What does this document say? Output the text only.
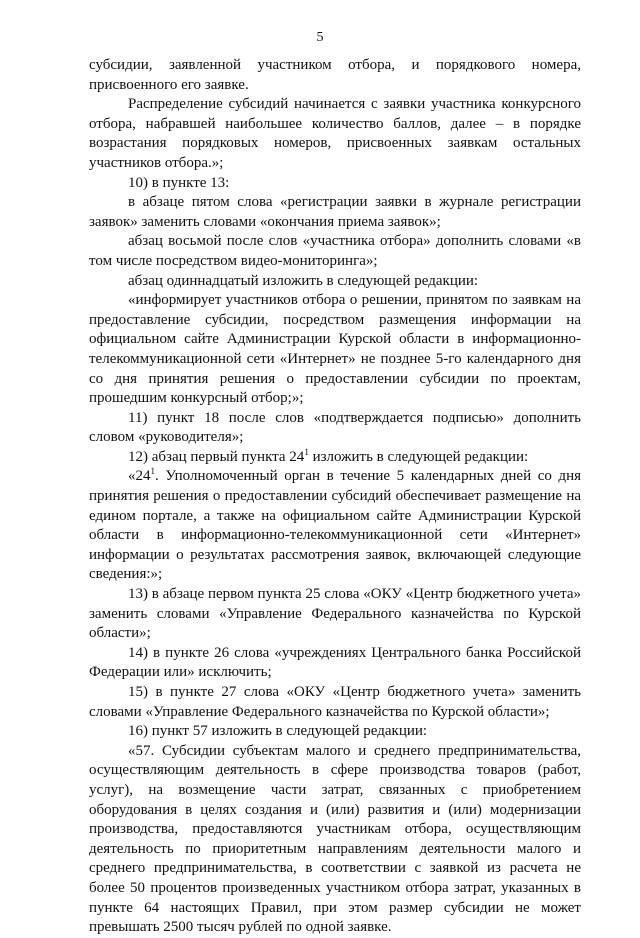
5

субсидии, заявленной участником отбора, и порядкового номера, присвоенного его заявке.

Распределение субсидий начинается с заявки участника конкурсного отбора, набравшей наибольшее количество баллов, далее – в порядке возрастания порядковых номеров, присвоенных заявкам остальных участников отбора.»;

10) в пункте 13:

в абзаце пятом слова «регистрации заявки в журнале регистрации заявок» заменить словами «окончания приема заявок»;

абзац восьмой после слов «участника отбора» дополнить словами «в том числе посредством видео-мониторинга»;

абзац одиннадцатый изложить в следующей редакции:

«информирует участников отбора о решении, принятом по заявкам на предоставление субсидии, посредством размещения информации на официальном сайте Администрации Курской области в информационно-телекоммуникационной сети «Интернет» не позднее 5-го календарного дня со дня принятия решения о предоставлении субсидии по проектам, прошедшим конкурсный отбор;»;

11) пункт 18 после слов «подтверждается подписью» дополнить словом «руководителя»;

12) абзац первый пункта $24^1$ изложить в следующей редакции:

«$24^1$. Уполномоченный орган в течение 5 календарных дней со дня принятия решения о предоставлении субсидий обеспечивает размещение на едином портале, а также на официальном сайте Администрации Курской области в информационно-телекоммуникационной сети «Интернет» информации о результатах рассмотрения заявок, включающей следующие сведения:»;

13) в абзаце первом пункта 25 слова «ОКУ «Центр бюджетного учета» заменить словами «Управление Федерального казначейства по Курской области»;

14) в пункте 26 слова «учреждениях Центрального банка Российской Федерации или» исключить;

15) в пункте 27 слова «ОКУ «Центр бюджетного учета» заменить словами «Управление Федерального казначейства по Курской области»;

16) пункт 57 изложить в следующей редакции:

«57. Субсидии субъектам малого и среднего предпринимательства, осуществляющим деятельность в сфере производства товаров (работ, услуг), на возмещение части затрат, связанных с приобретением оборудования в целях создания и (или) развития и (или) модернизации производства, предоставляются участникам отбора, осуществляющим деятельность по приоритетным направлениям деятельности малого и среднего предпринимательства, в соответствии с заявкой из расчета не более 50 процентов произведенных участником отбора затрат, указанных в пункте 64 настоящих Правил, при этом размер субсидии не может превышать 2500 тысяч рублей по одной заявке.
